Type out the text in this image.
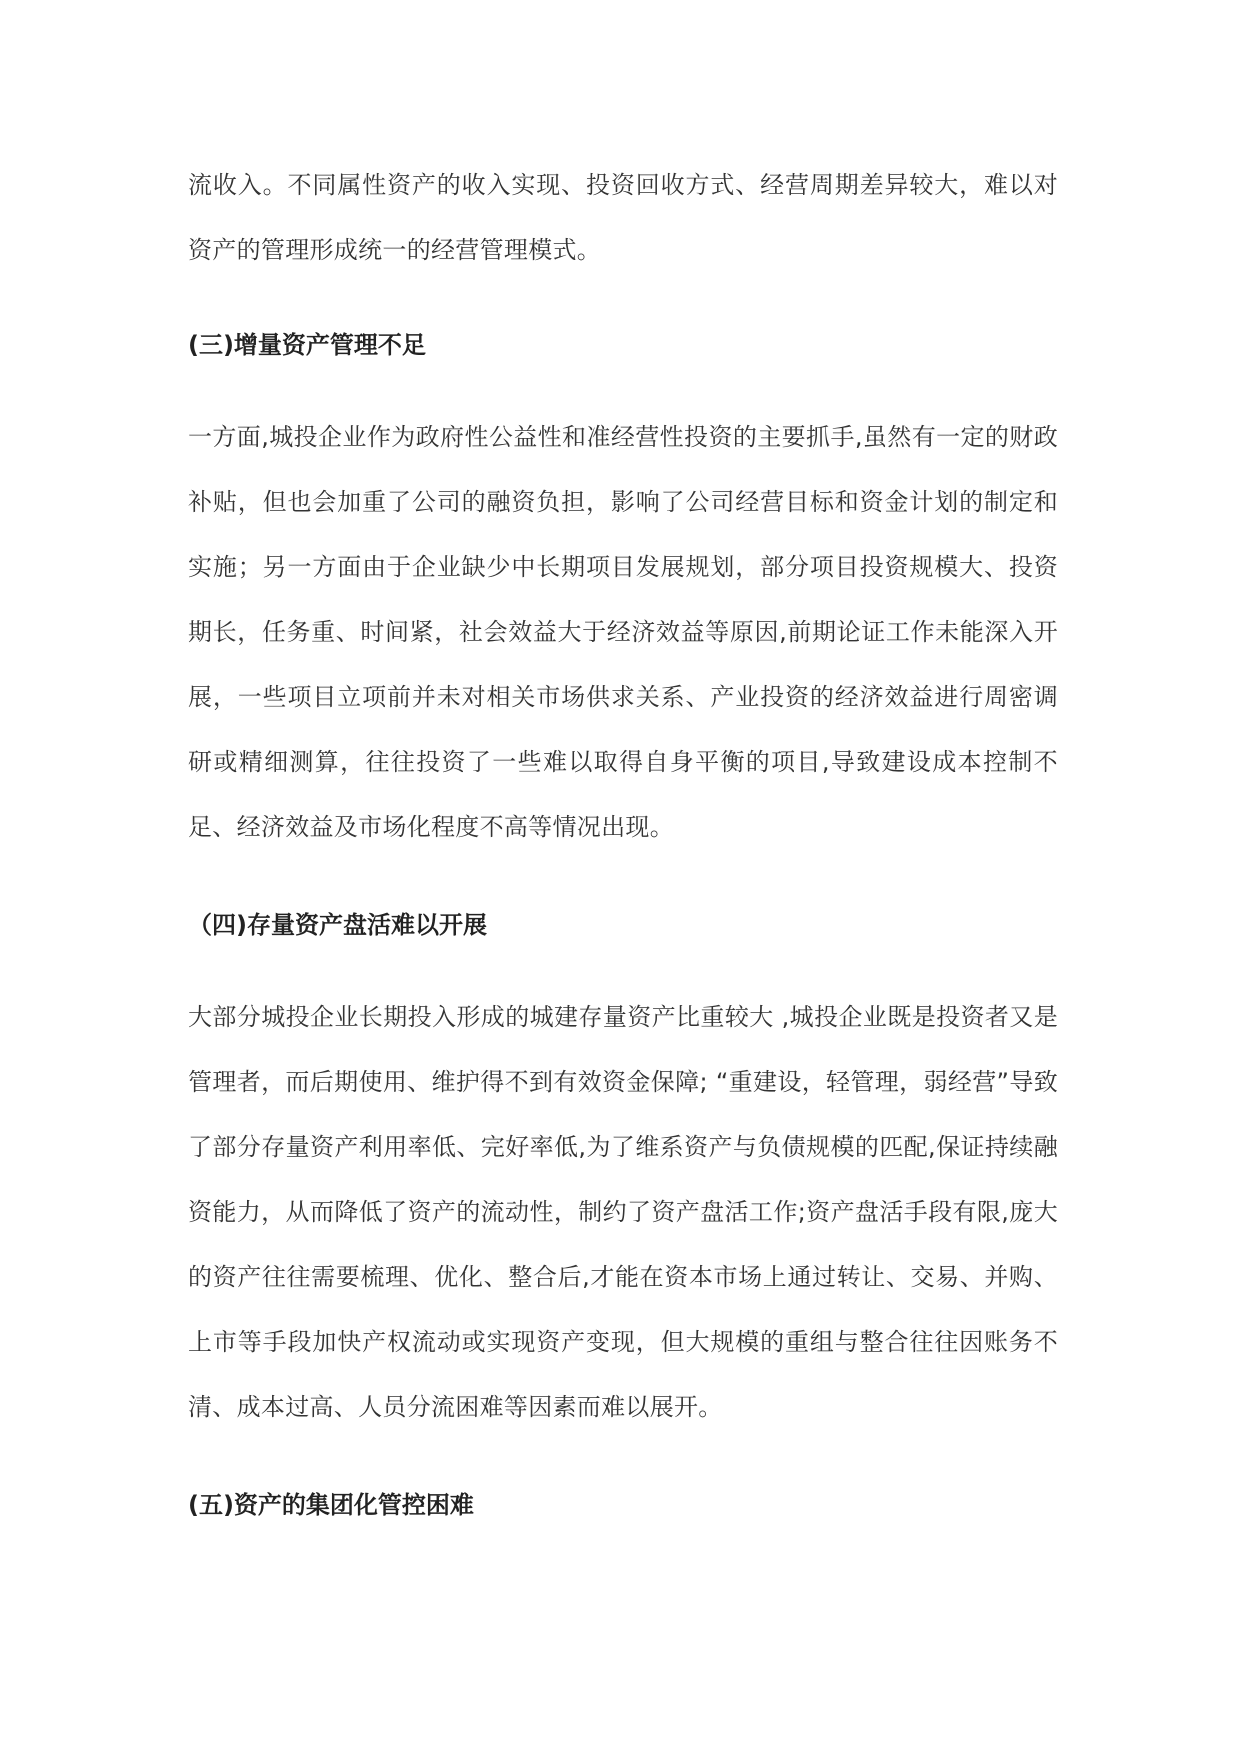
流收入。不同属性资产的收入实现、投资回收方式、经营周期差异较大，难以对资产的管理形成统一的经营管理模式。

(三)增量资产管理不足

一方面,城投企业作为政府性公益性和准经营性投资的主要抓手,虽然有一定的财政补贴，但也会加重了公司的融资负担，影响了公司经营目标和资金计划的制定和实施；另一方面由于企业缺少中长期项目发展规划，部分项目投资规模大、投资期长，任务重、时间紧，社会效益大于经济效益等原因,前期论证工作未能深入开展，一些项目立项前并未对相关市场供求关系、产业投资的经济效益进行周密调研或精细测算，往往投资了一些难以取得自身平衡的项目,导致建设成本控制不足、经济效益及市场化程度不高等情况出现。

（四)存量资产盘活难以开展

大部分城投企业长期投入形成的城建存量资产比重较大 ,城投企业既是投资者又是管理者，而后期使用、维护得不到有效资金保障; “重建设，轻管理，弱经营”导致了部分存量资产利用率低、完好率低,为了维系资产与负债规模的匹配,保证持续融资能力，从而降低了资产的流动性，制约了资产盘活工作;资产盘活手段有限,庞大的资产往往需要梳理、优化、整合后,才能在资本市场上通过转让、交易、并购、上市等手段加快产权流动或实现资产变现，但大规模的重组与整合往往因账务不清、成本过高、人员分流困难等因素而难以展开。

(五)资产的集团化管控困难
